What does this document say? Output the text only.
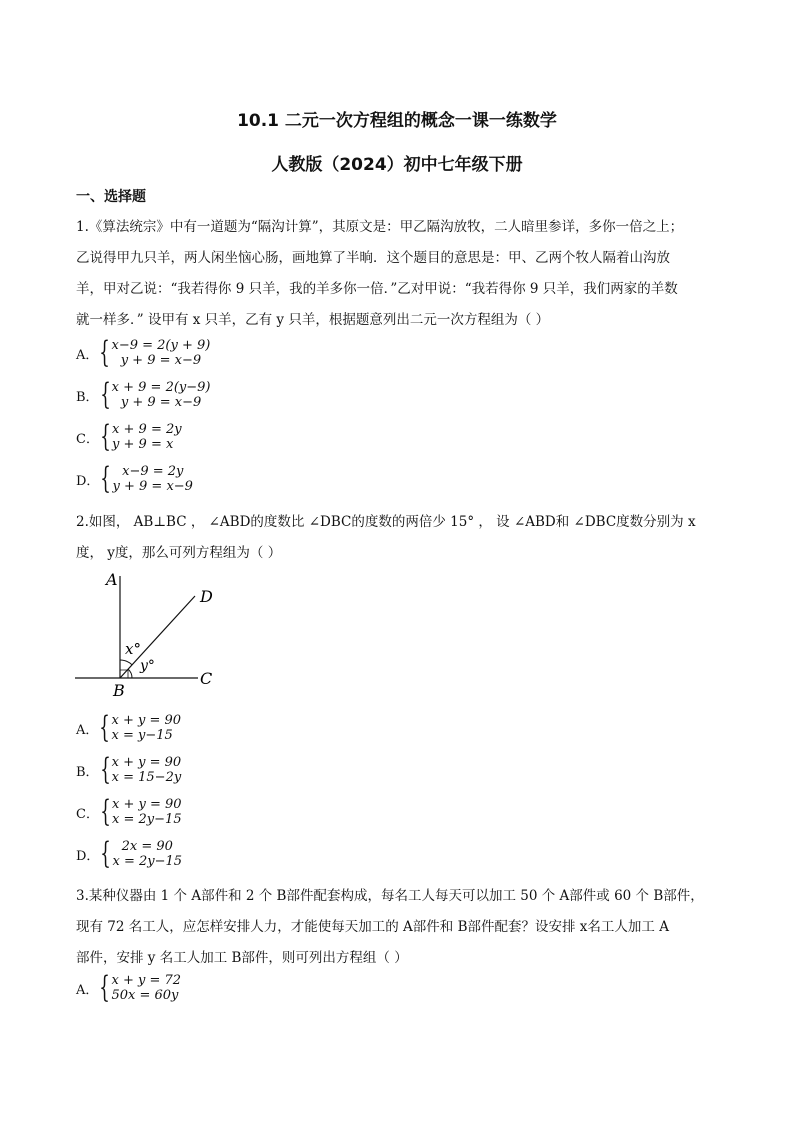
10.1 二元一次方程组的概念一课一练数学
人教版（2024）初中七年级下册
一、选择题
1.《算法统宗》中有一道题为“隔沟计算”，其原文是：甲乙隔沟放牧，二人暗里参详，多你一倍之上；
乙说得甲九只羊，两人闲坐恼心肠，画地算了半晌．这个题目的意思是：甲、乙两个牧人隔着山沟放
羊，甲对乙说：“我若得你 9 只羊，我的羊多你一倍．”乙对甲说：“我若得你 9 只羊，我们两家的羊数
就一样多．” 设甲有 x 只羊，乙有 y 只羊，根据题意列出二元一次方程组为（ ）
A． { x−9 = 2(y + 9)
y + 9 = x−9
B． { x + 9 = 2(y−9)
y + 9 = x−9
C． { x + 9 = 2y
y + 9 = x
D． { x−9 = 2y
y + 9 = x−9
2.如图， AB⊥BC ， ∠ABD的度数比 ∠DBC的度数的两倍少 15° ， 设 ∠ABD和 ∠DBC度数分别为 x
度， y度，那么可列方程组为（ ）
A
B
C
D
x°
y°
A． { x + y = 90
x = y−15
B． { x + y = 90
x = 15−2y
C． { x + y = 90
x = 2y−15
D． { 2x = 90
x = 2y−15
3.某种仪器由 1 个 A部件和 2 个 B部件配套构成，每名工人每天可以加工 50 个 A部件或 60 个 B部件，
现有 72 名工人，应怎样安排人力，才能使每天加工的 A部件和 B部件配套？设安排 x名工人加工 A
部件，安排 y 名工人加工 B部件，则可列出方程组（ ）
A． { x + y = 72
50x = 60y
